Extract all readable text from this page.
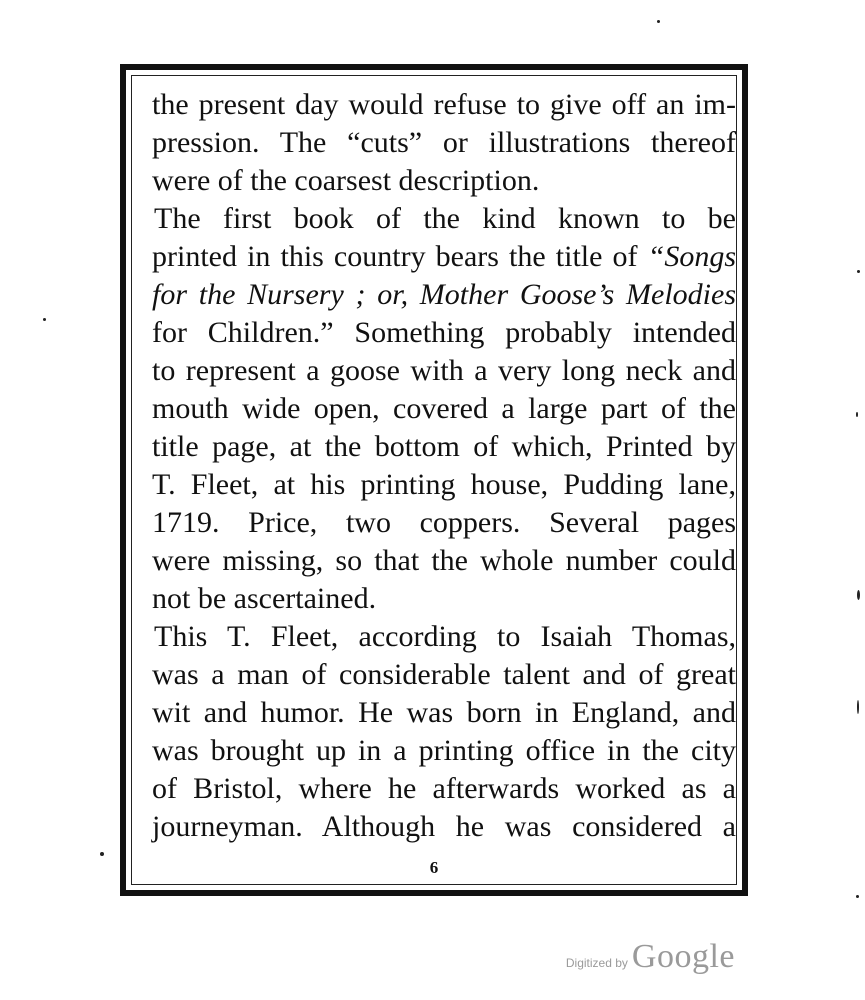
the present day would refuse to give off an im-
pression. The “cuts” or illustrations thereof
were of the coarsest description.

The first book of the kind known to be
printed in this country bears the title of “Songs
for the Nursery ; or, Mother Goose’s Melodies
for Children.” Something probably intended
to represent a goose with a very long neck and
mouth wide open, covered a large part of the
title page, at the bottom of which, Printed by
T. Fleet, at his printing house, Pudding lane,
1719. Price, two coppers. Several pages
were missing, so that the whole number could
not be ascertained.

This T. Fleet, according to Isaiah Thomas,
was a man of considerable talent and of great
wit and humor. He was born in England, and
was brought up in a printing office in the city
of Bristol, where he afterwards worked as a
journeyman. Although he was considered a

6
Digitized by Google
